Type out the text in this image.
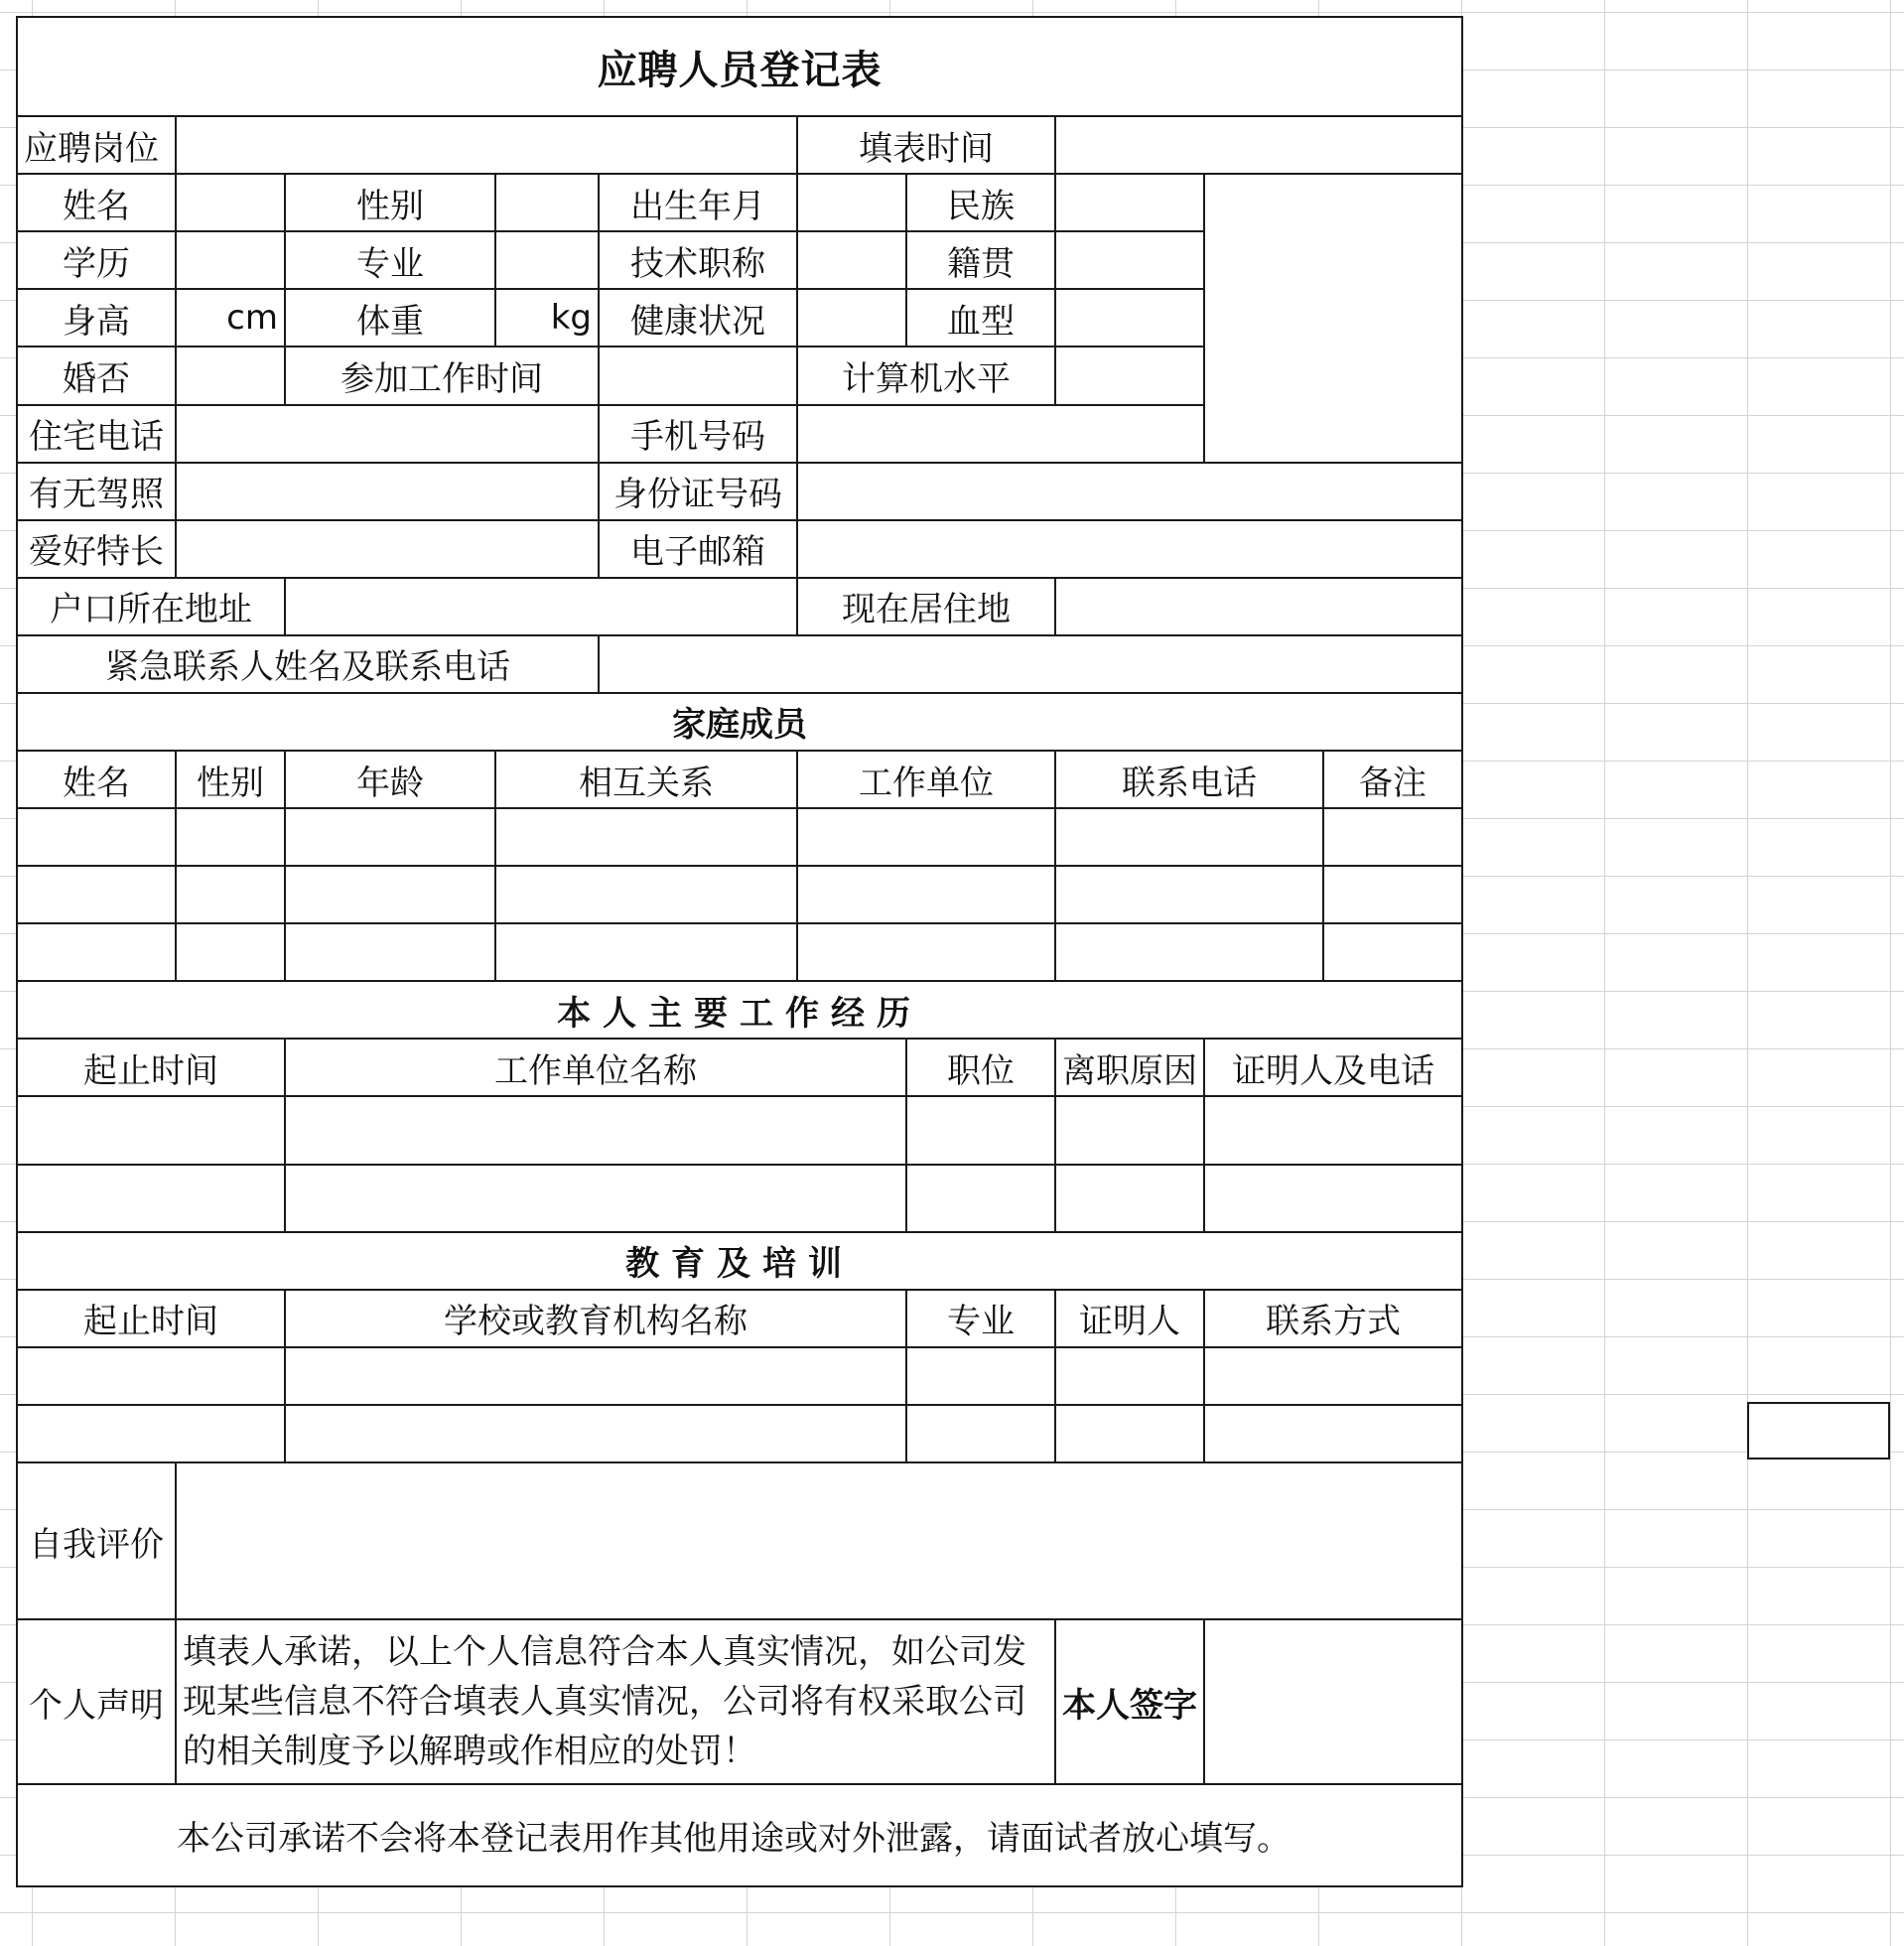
应聘人员登记表									
应聘岗位					填表时间				
姓名		性别		出生年月		民族			
学历		专业		技术职称		籍贯			
身高	cm	体重	kg	健康状况		血型			
婚否		参加工作时间			计算机水平				
住宅电话				手机号码					
有无驾照				身份证号码					
爱好特长				电子邮箱					
户口所在地址					现在居住地				
紧急联系人姓名及联系电话									
家庭成员									
姓名	性别	年龄	相互关系		工作单位		联系电话		备注

本人主要工作经历									
起止时间		工作单位名称				职位	离职原因	证明人及电话	

教育及培训									
起止时间		学校或教育机构名称				专业	证明人	联系方式	

自我评价									
个人声明	填表人承诺，以上个人信息符合本人真实情况，如公司发现某些信息不符合填表人真实情况，公司将有权采取公司的相关制度予以解聘或作相应的处罚！						本人签字		
本公司承诺不会将本登记表用作其他用途或对外泄露，请面试者放心填写。									
